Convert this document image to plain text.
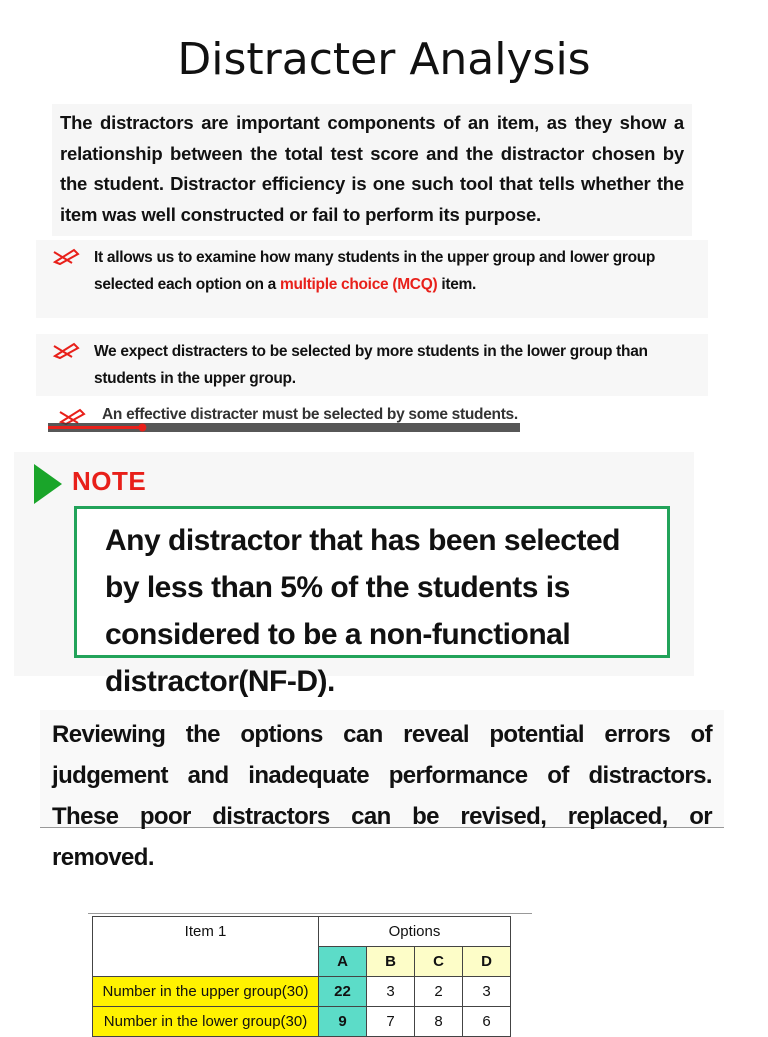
Distracter Analysis
The distractors are important components of an item, as they show a relationship between the total test score and the distractor chosen by the student. Distractor efficiency is one such tool that tells whether the item was well constructed or fail to perform its purpose.
It allows us to examine how many students in the upper group and lower group selected each option on a multiple choice (MCQ) item.
We expect distracters to be selected by more students in the lower group than students in the upper group.
An effective distracter must be selected by some students.
NOTE
Any distractor that has been selected by less than 5% of the students is considered to be a non-functional distractor(NF-D).
Reviewing the options can reveal potential errors of judgement and inadequate performance of distractors. These poor distractors can be revised, replaced, or removed.
Item 1	Options			
	A	B	C	D
Number in the upper group(30)	22	3	2	3
Number in the lower group(30)	9	7	8	6
